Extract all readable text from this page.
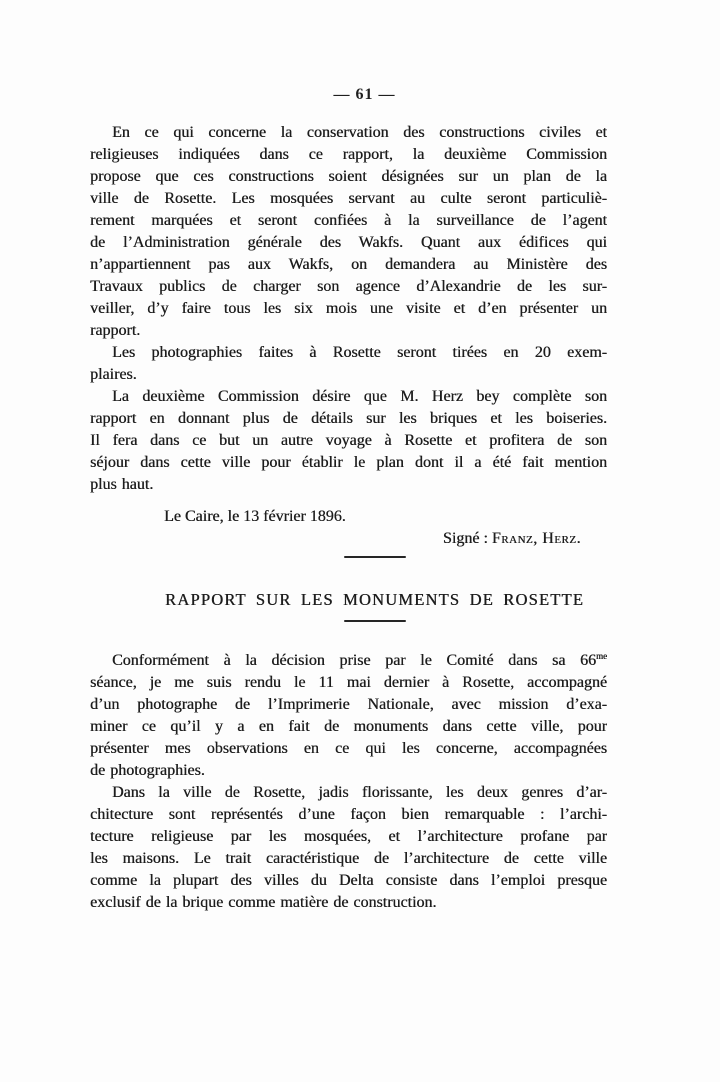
— 61 —
En ce qui concerne la conservation des constructions civiles et
religieuses indiquées dans ce rapport, la deuxième Commission
propose que ces constructions soient désignées sur un plan de la
ville de Rosette. Les mosquées servant au culte seront particuliè-
rement marquées et seront confiées à la surveillance de l’agent
de l’Administration générale des Wakfs. Quant aux édifices qui
n’appartiennent pas aux Wakfs, on demandera au Ministère des
Travaux publics de charger son agence d’Alexandrie de les sur-
veiller, d’y faire tous les six mois une visite et d’en présenter un
rapport.
Les photographies faites à Rosette seront tirées en 20 exem-
plaires.
La deuxième Commission désire que M. Herz bey complète son
rapport en donnant plus de détails sur les briques et les boiseries.
Il fera dans ce but un autre voyage à Rosette et profitera de son
séjour dans cette ville pour établir le plan dont il a été fait mention
plus haut.
Le Caire, le 13 février 1896.
Signé : Franz, Herz.
RAPPORT SUR LES MONUMENTS DE ROSETTE
Conformément à la décision prise par le Comité dans sa $66^{me}$
séance, je me suis rendu le 11 mai dernier à Rosette, accompagné
d’un photographe de l’Imprimerie Nationale, avec mission d’exa-
miner ce qu’il y a en fait de monuments dans cette ville, pour
présenter mes observations en ce qui les concerne, accompagnées
de photographies.
Dans la ville de Rosette, jadis florissante, les deux genres d’ar-
chitecture sont représentés d’une façon bien remarquable : l’archi-
tecture religieuse par les mosquées, et l’architecture profane par
les maisons. Le trait caractéristique de l’architecture de cette ville
comme la plupart des villes du Delta consiste dans l’emploi presque
exclusif de la brique comme matière de construction.
